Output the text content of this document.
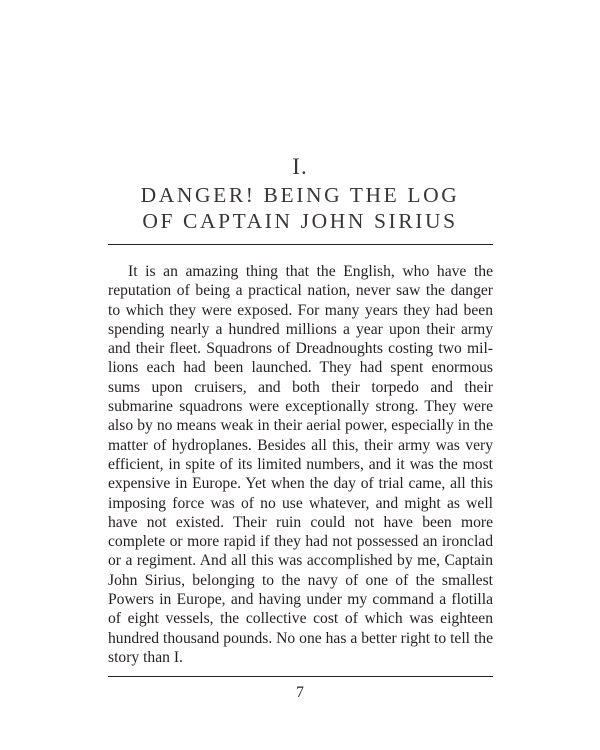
I.
DANGER! BEING THE LOG
OF CAPTAIN JOHN SIRIUS

It is an amazing thing that the English, who have the reputation of being a practical nation, never saw the danger to which they were exposed. For many years they had been spending nearly a hundred millions a year upon their army and their fleet. Squadrons of Dreadnoughts costing two millions each had been launched. They had spent enormous sums upon cruisers, and both their torpedo and their submarine squadrons were exceptionally strong. They were also by no means weak in their aerial power, especially in the matter of hydroplanes. Besides all this, their army was very efficient, in spite of its limited numbers, and it was the most expensive in Europe. Yet when the day of trial came, all this imposing force was of no use whatever, and might as well have not existed. Their ruin could not have been more complete or more rapid if they had not possessed an ironclad or a regiment. And all this was accomplished by me, Captain John Sirius, belonging to the navy of one of the smallest Powers in Europe, and having under my command a flotilla of eight vessels, the collective cost of which was eighteen hundred thousand pounds. No one has a better right to tell the story than I.

7
